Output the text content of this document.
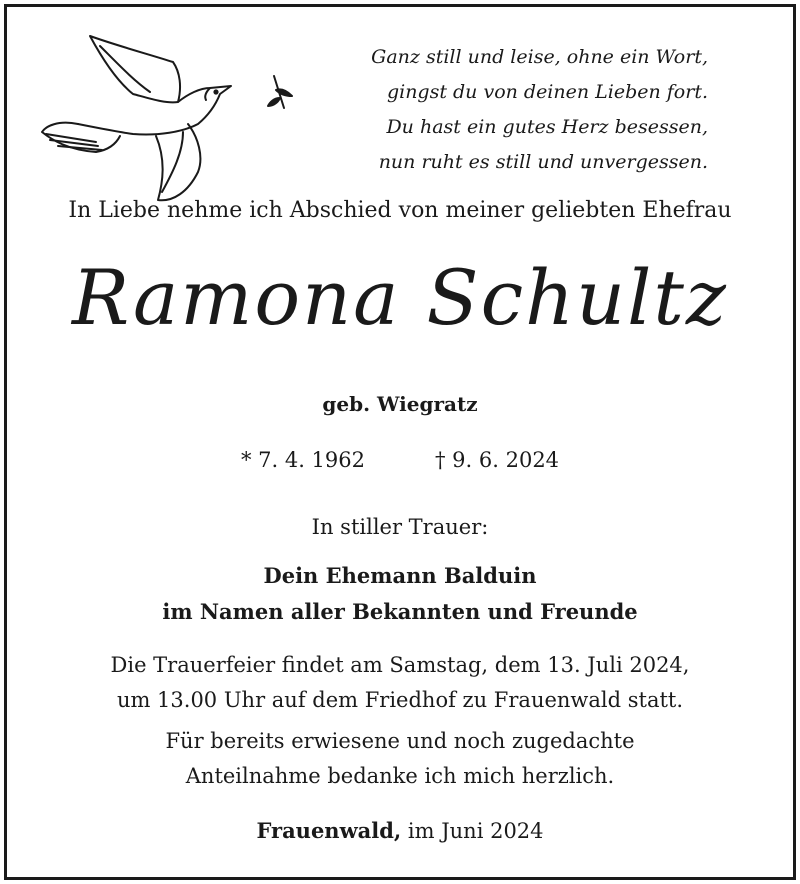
Ganz still und leise, ohne ein Wort,
gingst du von deinen Lieben fort.
Du hast ein gutes Herz besessen,
nun ruht es still und unvergessen.
In Liebe nehme ich Abschied von meiner geliebten Ehefrau
Ramona Schultz
geb. Wiegratz
* 7. 4. 1962	† 9. 6. 2024
In stiller Trauer:
Dein Ehemann Balduin
im Namen aller Bekannten und Freunde
Die Trauerfeier findet am Samstag, dem 13. Juli 2024,
um 13.00 Uhr auf dem Friedhof zu Frauenwald statt.
Für bereits erwiesene und noch zugedachte
Anteilnahme bedanke ich mich herzlich.
Frauenwald, im Juni 2024
